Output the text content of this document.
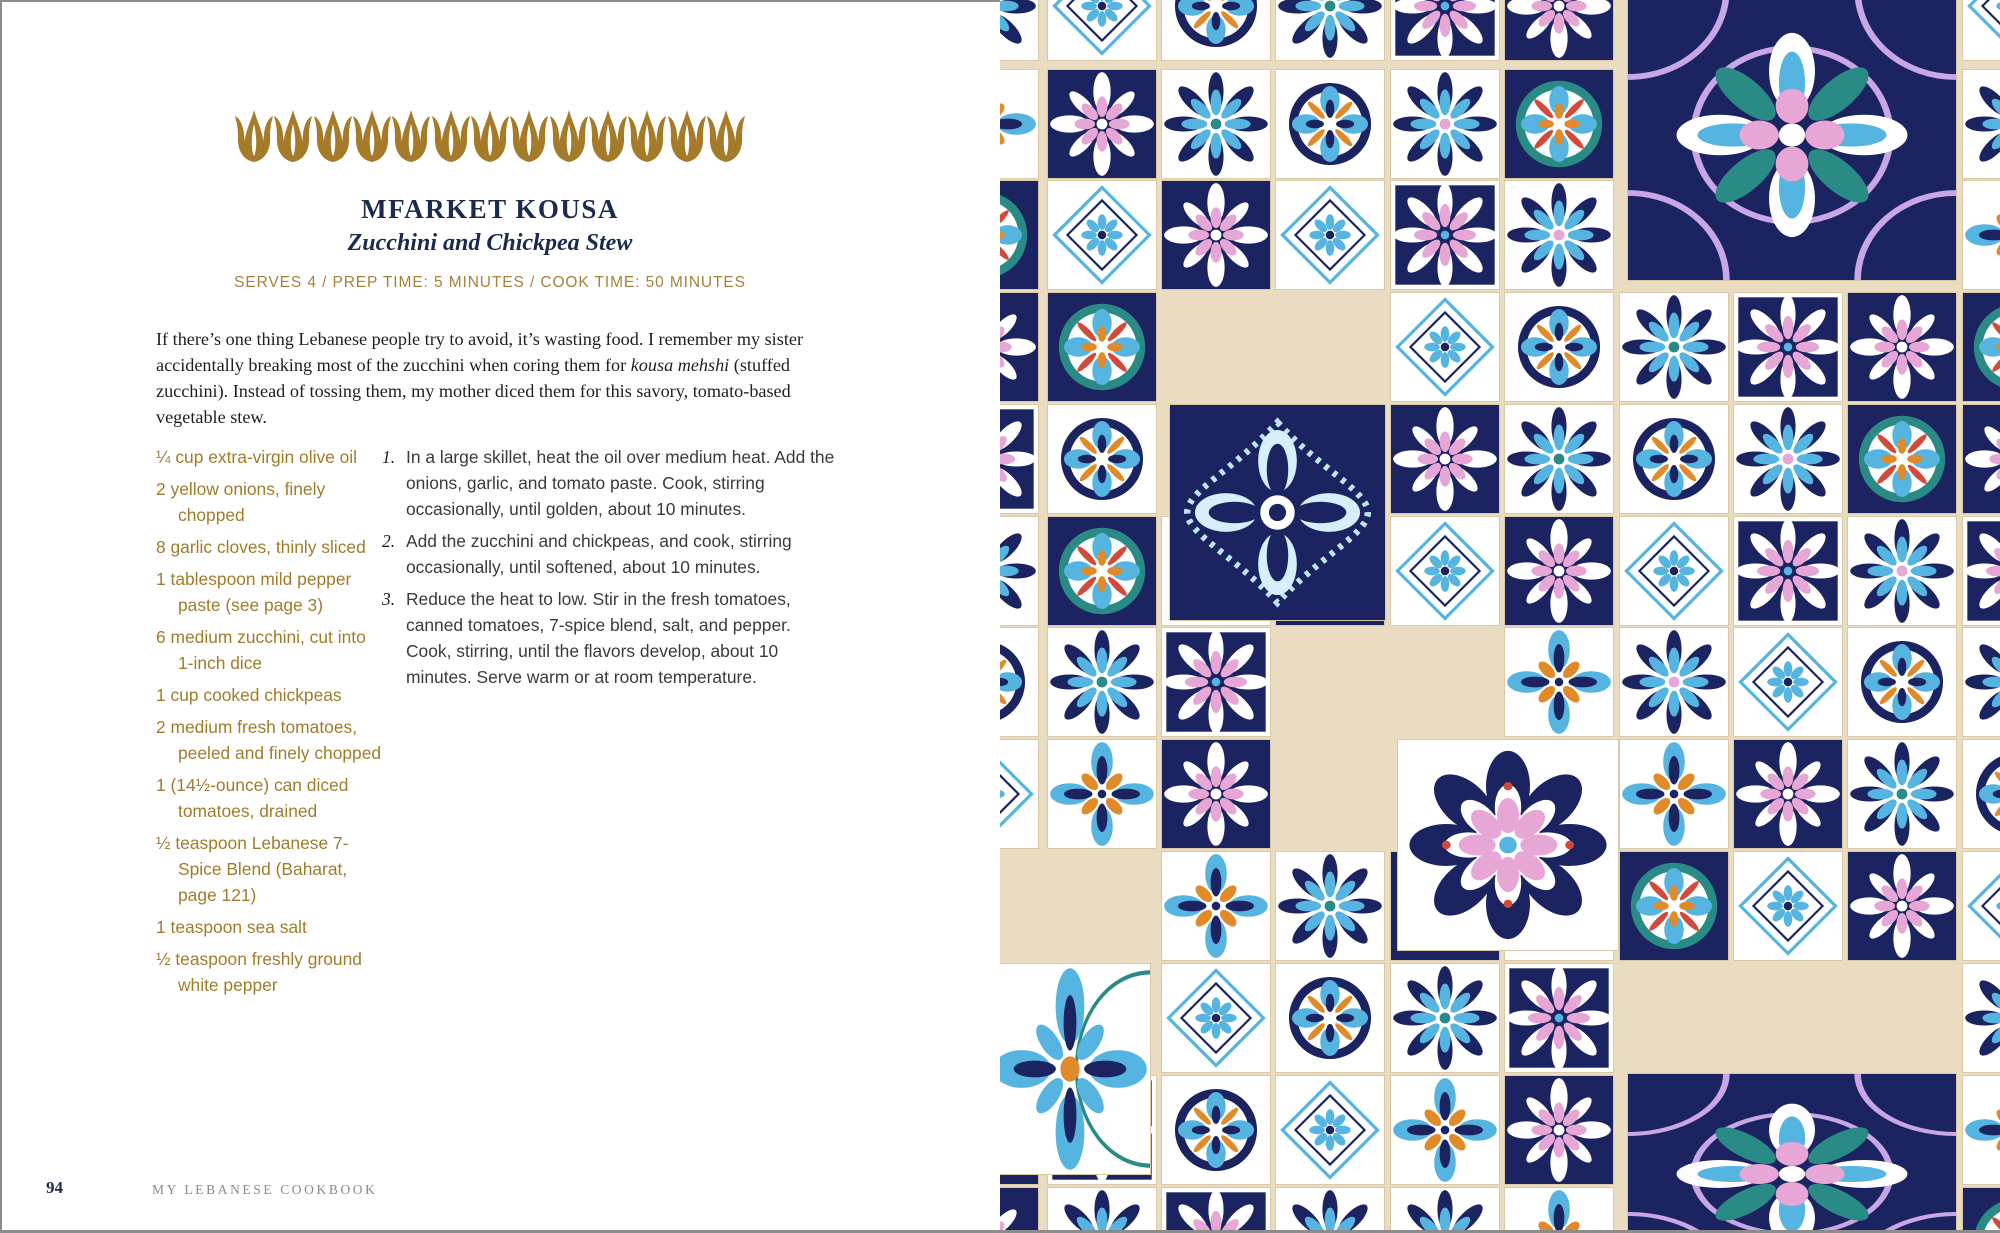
MFARKET KOUSA
Zucchini and Chickpea Stew
SERVES 4 / PREP TIME: 5 MINUTES / COOK TIME: 50 MINUTES

If there’s one thing Lebanese people try to avoid, it’s wasting food. I remember my sister accidentally breaking most of the zucchini when coring them for kousa mehshi (stuffed zucchini). Instead of tossing them, my mother diced them for this savory, tomato-based vegetable stew.

¼ cup extra-virgin olive oil
2 yellow onions, finely chopped
8 garlic cloves, thinly sliced
1 tablespoon mild pepper paste (see page 3)
6 medium zucchini, cut into 1-inch dice
1 cup cooked chickpeas
2 medium fresh tomatoes, peeled and finely chopped
1 (14½-ounce) can diced tomatoes, drained
½ teaspoon Lebanese 7-Spice Blend (Baharat, page 121)
1 teaspoon sea salt
½ teaspoon freshly ground white pepper
1. In a large skillet, heat the oil over medium heat. Add the onions, garlic, and tomato paste. Cook, stirring occasionally, until golden, about 10 minutes.
2. Add the zucchini and chickpeas, and cook, stirring occasionally, until softened, about 10 minutes.
3. Reduce the heat to low. Stir in the fresh tomatoes, canned tomatoes, 7-spice blend, salt, and pepper. Cook, stirring, until the flavors develop, about 10 minutes. Serve warm or at room temperature.
94	MY LEBANESE COOKBOOK
